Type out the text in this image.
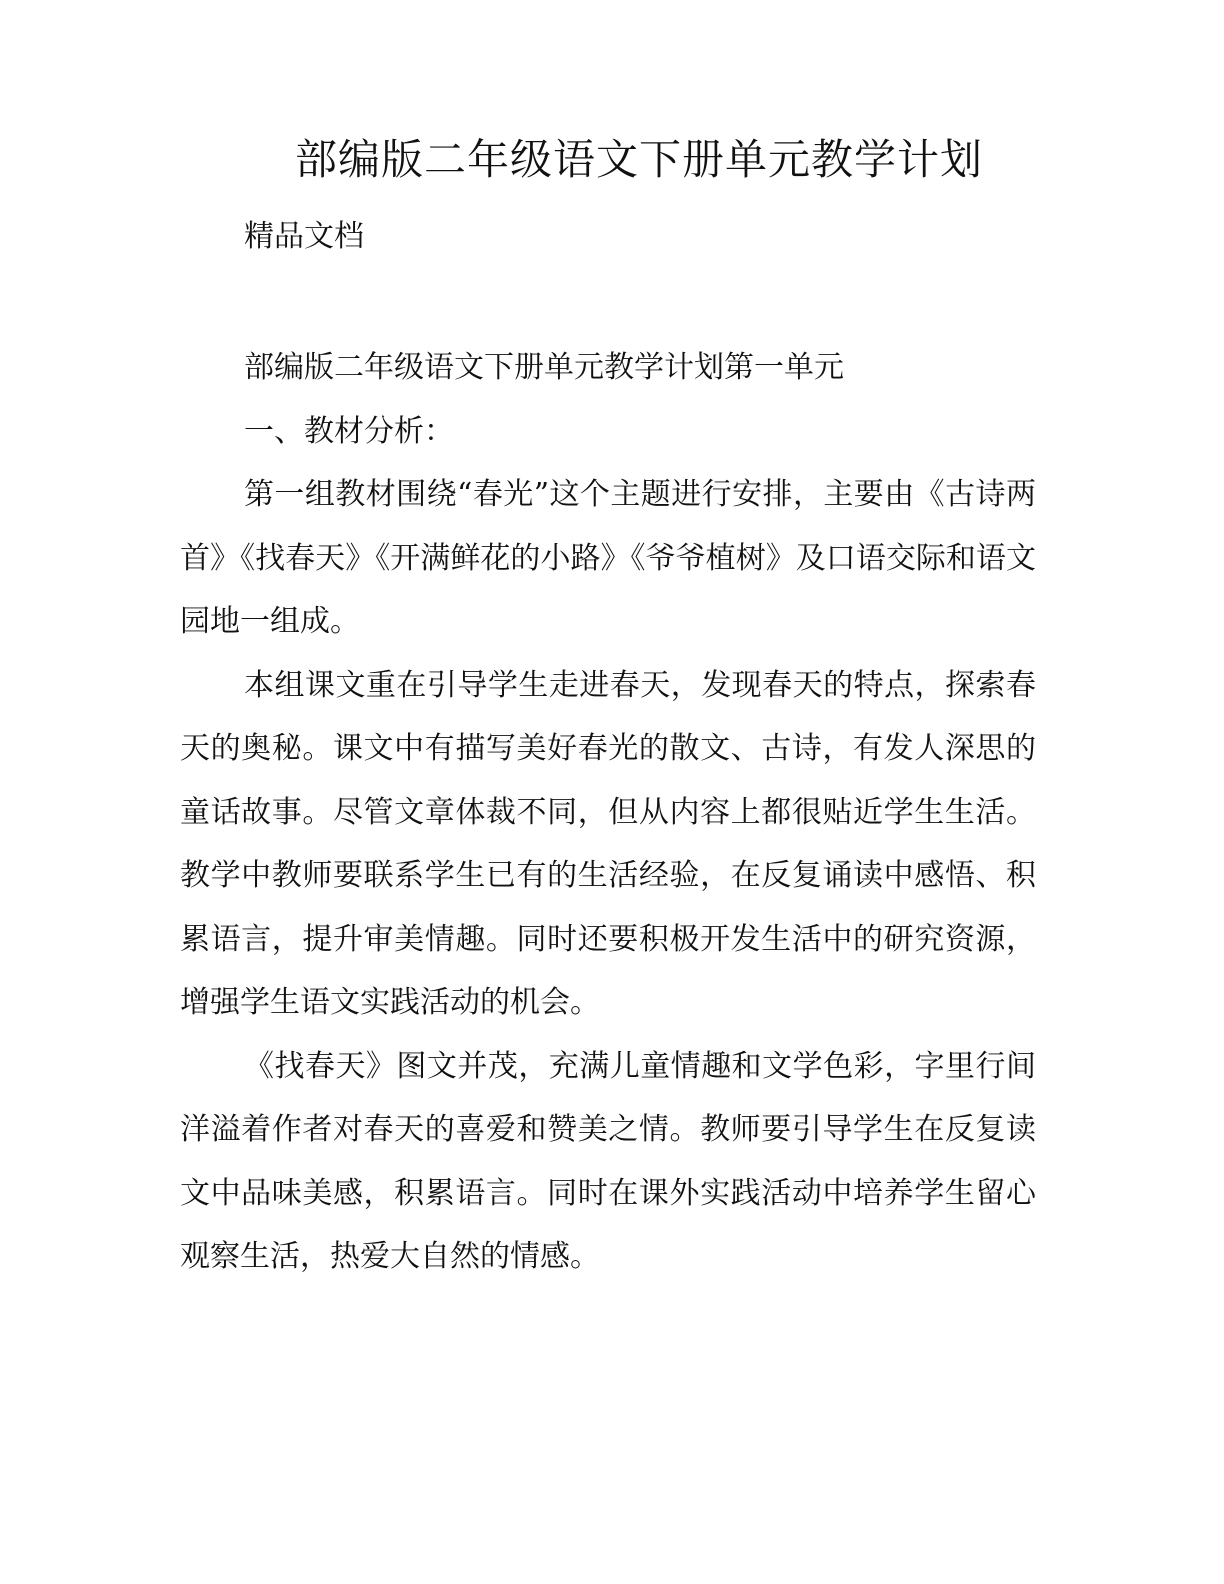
部编版二年级语文下册单元教学计划
精品文档

部编版二年级语文下册单元教学计划第一单元

一、教材分析：

第一组教材围绕“春光”这个主题进行安排，主要由《古诗两首》《找春天》《开满鲜花的小路》《爷爷植树》及口语交际和语文园地一组成。

本组课文重在引导学生走进春天，发现春天的特点，探索春天的奥秘。课文中有描写美好春光的散文、古诗，有发人深思的童话故事。尽管文章体裁不同，但从内容上都很贴近学生生活。教学中教师要联系学生已有的生活经验，在反复诵读中感悟、积累语言，提升审美情趣。同时还要积极开发生活中的研究资源，增强学生语文实践活动的机会。

《找春天》图文并茂，充满儿童情趣和文学色彩，字里行间洋溢着作者对春天的喜爱和赞美之情。教师要引导学生在反复读文中品味美感，积累语言。同时在课外实践活动中培养学生留心观察生活，热爱大自然的情感。
